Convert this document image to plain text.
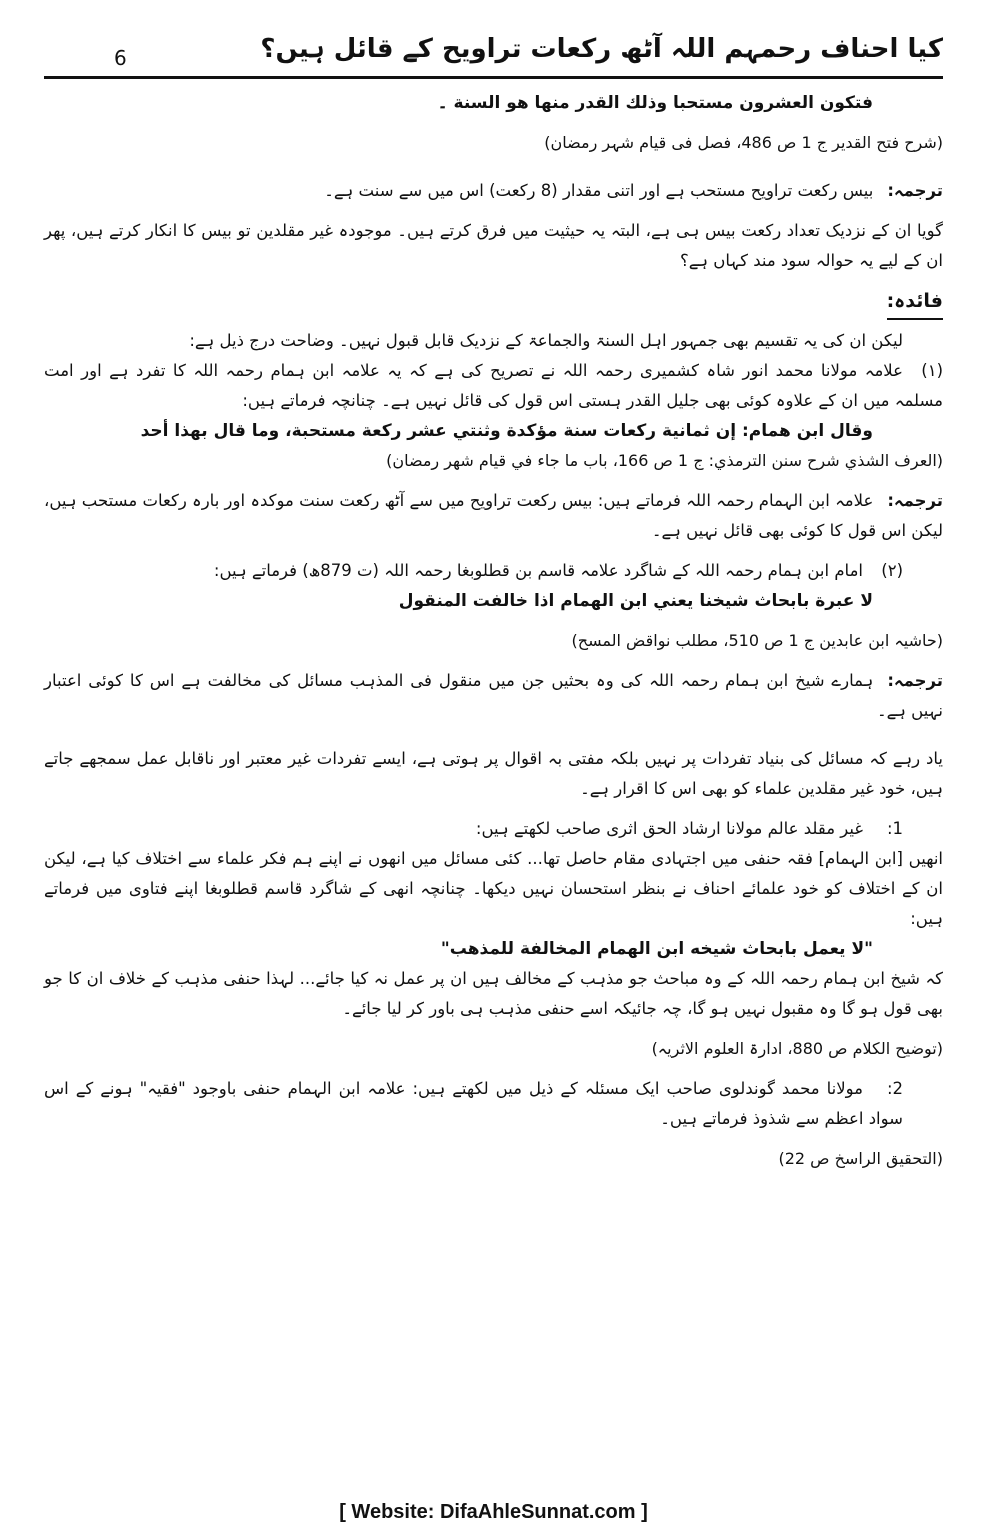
کیا احناف رحمہم اللہ آٹھ رکعات تراویح کے قائل ہیں؟
6

فتكون العشرون مستحبا وذلك القدر منها هو السنة ۔

(شرح فتح القدیر ج 1 ص 486، فصل فی قیام شہر رمضان)

ترجمہ:بیس رکعت تراویح مستحب ہے اور اتنی مقدار (8 رکعت) اس میں سے سنت ہے۔

گویا ان کے نزدیک تعداد رکعت بیس ہی ہے، البتہ یہ حیثیت میں فرق کرتے ہیں۔ موجودہ غیر مقلدین تو بیس کا انکار کرتے ہیں، پھر ان کے لیے یہ حوالہ سود مند کہاں ہے؟

فائدہ:

لیکن ان کی یہ تقسیم بھی جمہور اہل السنۃ والجماعۃ کے نزدیک قابل قبول نہیں۔ وضاحت درج ذیل ہے:

(۱)علامہ مولانا محمد انور شاہ کشمیری رحمہ اللہ نے تصریح کی ہے کہ یہ علامہ ابن ہمام رحمہ اللہ کا تفرد ہے اور امت مسلمہ میں ان کے علاوہ کوئی بھی جلیل القدر ہستی اس قول کی قائل نہیں ہے۔ چنانچہ فرماتے ہیں:

وقال ابن همام: إن ثمانية ركعات سنة مؤكدة وثنتي عشر ركعة مستحبة، وما قال بهذا أحد

(العرف الشذي شرح سنن الترمذي: ج 1 ص 166، باب ما جاء في قيام شهر رمضان)

ترجمہ:علامہ ابن الہمام رحمہ اللہ فرماتے ہیں: بیس رکعت تراویح میں سے آٹھ رکعت سنت موکدہ اور بارہ رکعات مستحب ہیں، لیکن اس قول کا کوئی بھی قائل نہیں ہے۔

(۲)امام ابن ہمام رحمہ اللہ کے شاگرد علامہ قاسم بن قطلوبغا رحمہ اللہ (ت 879ھ) فرماتے ہیں:

لا عبرة بابحاث شيخنا يعني ابن الهمام اذا خالفت المنقول

(حاشیہ ابن عابدین ج 1 ص 510، مطلب نواقض المسح)

ترجمہ:ہمارے شیخ ابن ہمام رحمہ اللہ کی وہ بحثیں جن میں منقول فی المذہب مسائل کی مخالفت ہے اس کا کوئی اعتبار نہیں ہے۔

یاد رہے کہ مسائل کی بنیاد تفردات پر نہیں بلکہ مفتی بہ اقوال پر ہوتی ہے، ایسے تفردات غیر معتبر اور ناقابل عمل سمجھے جاتے ہیں، خود غیر مقلدین علماء کو بھی اس کا اقرار ہے۔

1:غیر مقلد عالم مولانا ارشاد الحق اثری صاحب لکھتے ہیں:

انھیں [ابن الہمام] فقہ حنفی میں اجتہادی مقام حاصل تھا... کئی مسائل میں انھوں نے اپنے ہم فکر علماء سے اختلاف کیا ہے، لیکن ان کے اختلاف کو خود علمائے احناف نے بنظر استحسان نہیں دیکھا۔ چنانچہ انھی کے شاگرد قاسم قطلوبغا اپنے فتاوی میں فرماتے ہیں:

"لا يعمل بابحاث شيخه ابن الهمام المخالفة للمذهب"

کہ شیخ ابن ہمام رحمہ اللہ کے وہ مباحث جو مذہب کے مخالف ہیں ان پر عمل نہ کیا جائے... لہذا حنفی مذہب کے خلاف ان کا جو بھی قول ہو گا وہ مقبول نہیں ہو گا، چہ جائیکہ اسے حنفی مذہب ہی باور کر لیا جائے۔

(توضیح الکلام ص 880، ادارۃ العلوم الاثریہ)

2:مولانا محمد گوندلوی صاحب ایک مسئلہ کے ذیل میں لکھتے ہیں: علامہ ابن الہمام حنفی باوجود "فقیہ" ہونے کے اس سواد اعظم سے شذوذ فرماتے ہیں۔

(التحقیق الراسخ ص 22)

[ Website: DifaAhleSunnat.com ]
